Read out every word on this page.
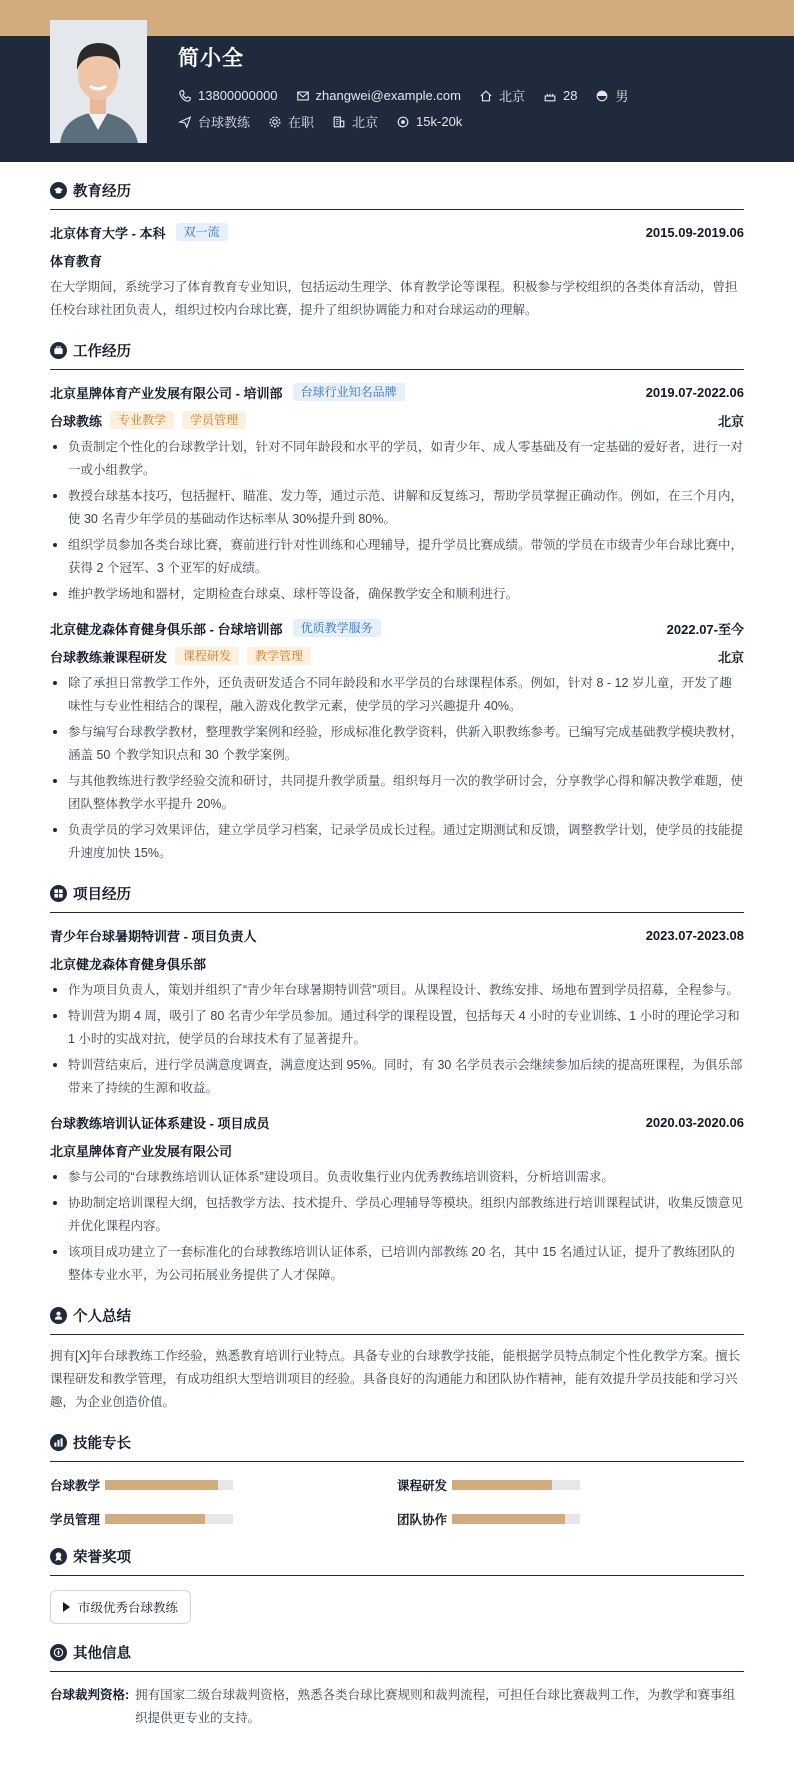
简小全
13800000000	zhangwei@example.com	北京	28	男
台球教练	在职	北京	15k-20k
教育经历
北京体育大学 - 本科	双一流	2015.09-2019.06
体育教育
在大学期间，系统学习了体育教育专业知识，包括运动生理学、体育教学论等课程。积极参与学校组织的各类体育活动，曾担任校台球社团负责人，组织过校内台球比赛，提升了组织协调能力和对台球运动的理解。
工作经历
北京星牌体育产业发展有限公司 - 培训部	台球行业知名品牌	2019.07-2022.06
台球教练	专业教学	学员管理	北京
负责制定个性化的台球教学计划，针对不同年龄段和水平的学员，如青少年、成人零基础及有一定基础的爱好者，进行一对一或小组教学。
教授台球基本技巧，包括握杆、瞄准、发力等，通过示范、讲解和反复练习，帮助学员掌握正确动作。例如，在三个月内，使 30 名青少年学员的基础动作达标率从 30%提升到 80%。
组织学员参加各类台球比赛，赛前进行针对性训练和心理辅导，提升学员比赛成绩。带领的学员在市级青少年台球比赛中，获得 2 个冠军、3 个亚军的好成绩。
维护教学场地和器材，定期检查台球桌、球杆等设备，确保教学安全和顺利进行。
北京健龙森体育健身俱乐部 - 台球培训部	优质教学服务	2022.07-至今
台球教练兼课程研发	课程研发	教学管理	北京
除了承担日常教学工作外，还负责研发适合不同年龄段和水平学员的台球课程体系。例如，针对 8 - 12 岁儿童，开发了趣味性与专业性相结合的课程，融入游戏化教学元素，使学员的学习兴趣提升 40%。
参与编写台球教学教材，整理教学案例和经验，形成标准化教学资料，供新入职教练参考。已编写完成基础教学模块教材，涵盖 50 个教学知识点和 30 个教学案例。
与其他教练进行教学经验交流和研讨，共同提升教学质量。组织每月一次的教学研讨会，分享教学心得和解决教学难题，使团队整体教学水平提升 20%。
负责学员的学习效果评估，建立学员学习档案，记录学员成长过程。通过定期测试和反馈，调整教学计划，使学员的技能提升速度加快 15%。
项目经历
青少年台球暑期特训营 - 项目负责人	2023.07-2023.08
北京健龙森体育健身俱乐部
作为项目负责人，策划并组织了“青少年台球暑期特训营”项目。从课程设计、教练安排、场地布置到学员招募，全程参与。
特训营为期 4 周，吸引了 80 名青少年学员参加。通过科学的课程设置，包括每天 4 小时的专业训练、1 小时的理论学习和 1 小时的实战对抗，使学员的台球技术有了显著提升。
特训营结束后，进行学员满意度调查，满意度达到 95%。同时，有 30 名学员表示会继续参加后续的提高班课程，为俱乐部带来了持续的生源和收益。
台球教练培训认证体系建设 - 项目成员	2020.03-2020.06
北京星牌体育产业发展有限公司
参与公司的“台球教练培训认证体系”建设项目。负责收集行业内优秀教练培训资料，分析培训需求。
协助制定培训课程大纲，包括教学方法、技术提升、学员心理辅导等模块。组织内部教练进行培训课程试讲，收集反馈意见并优化课程内容。
该项目成功建立了一套标准化的台球教练培训认证体系，已培训内部教练 20 名，其中 15 名通过认证，提升了教练团队的整体专业水平，为公司拓展业务提供了人才保障。
个人总结
拥有[X]年台球教练工作经验，熟悉教育培训行业特点。具备专业的台球教学技能，能根据学员特点制定个性化教学方案。擅长课程研发和教学管理，有成功组织大型培训项目的经验。具备良好的沟通能力和团队协作精神，能有效提升学员技能和学习兴趣，为企业创造价值。
技能专长
台球教学	课程研发
学员管理	团队协作
荣誉奖项
市级优秀台球教练
其他信息
台球裁判资格: 拥有国家二级台球裁判资格，熟悉各类台球比赛规则和裁判流程，可担任台球比赛裁判工作，为教学和赛事组织提供更专业的支持。
